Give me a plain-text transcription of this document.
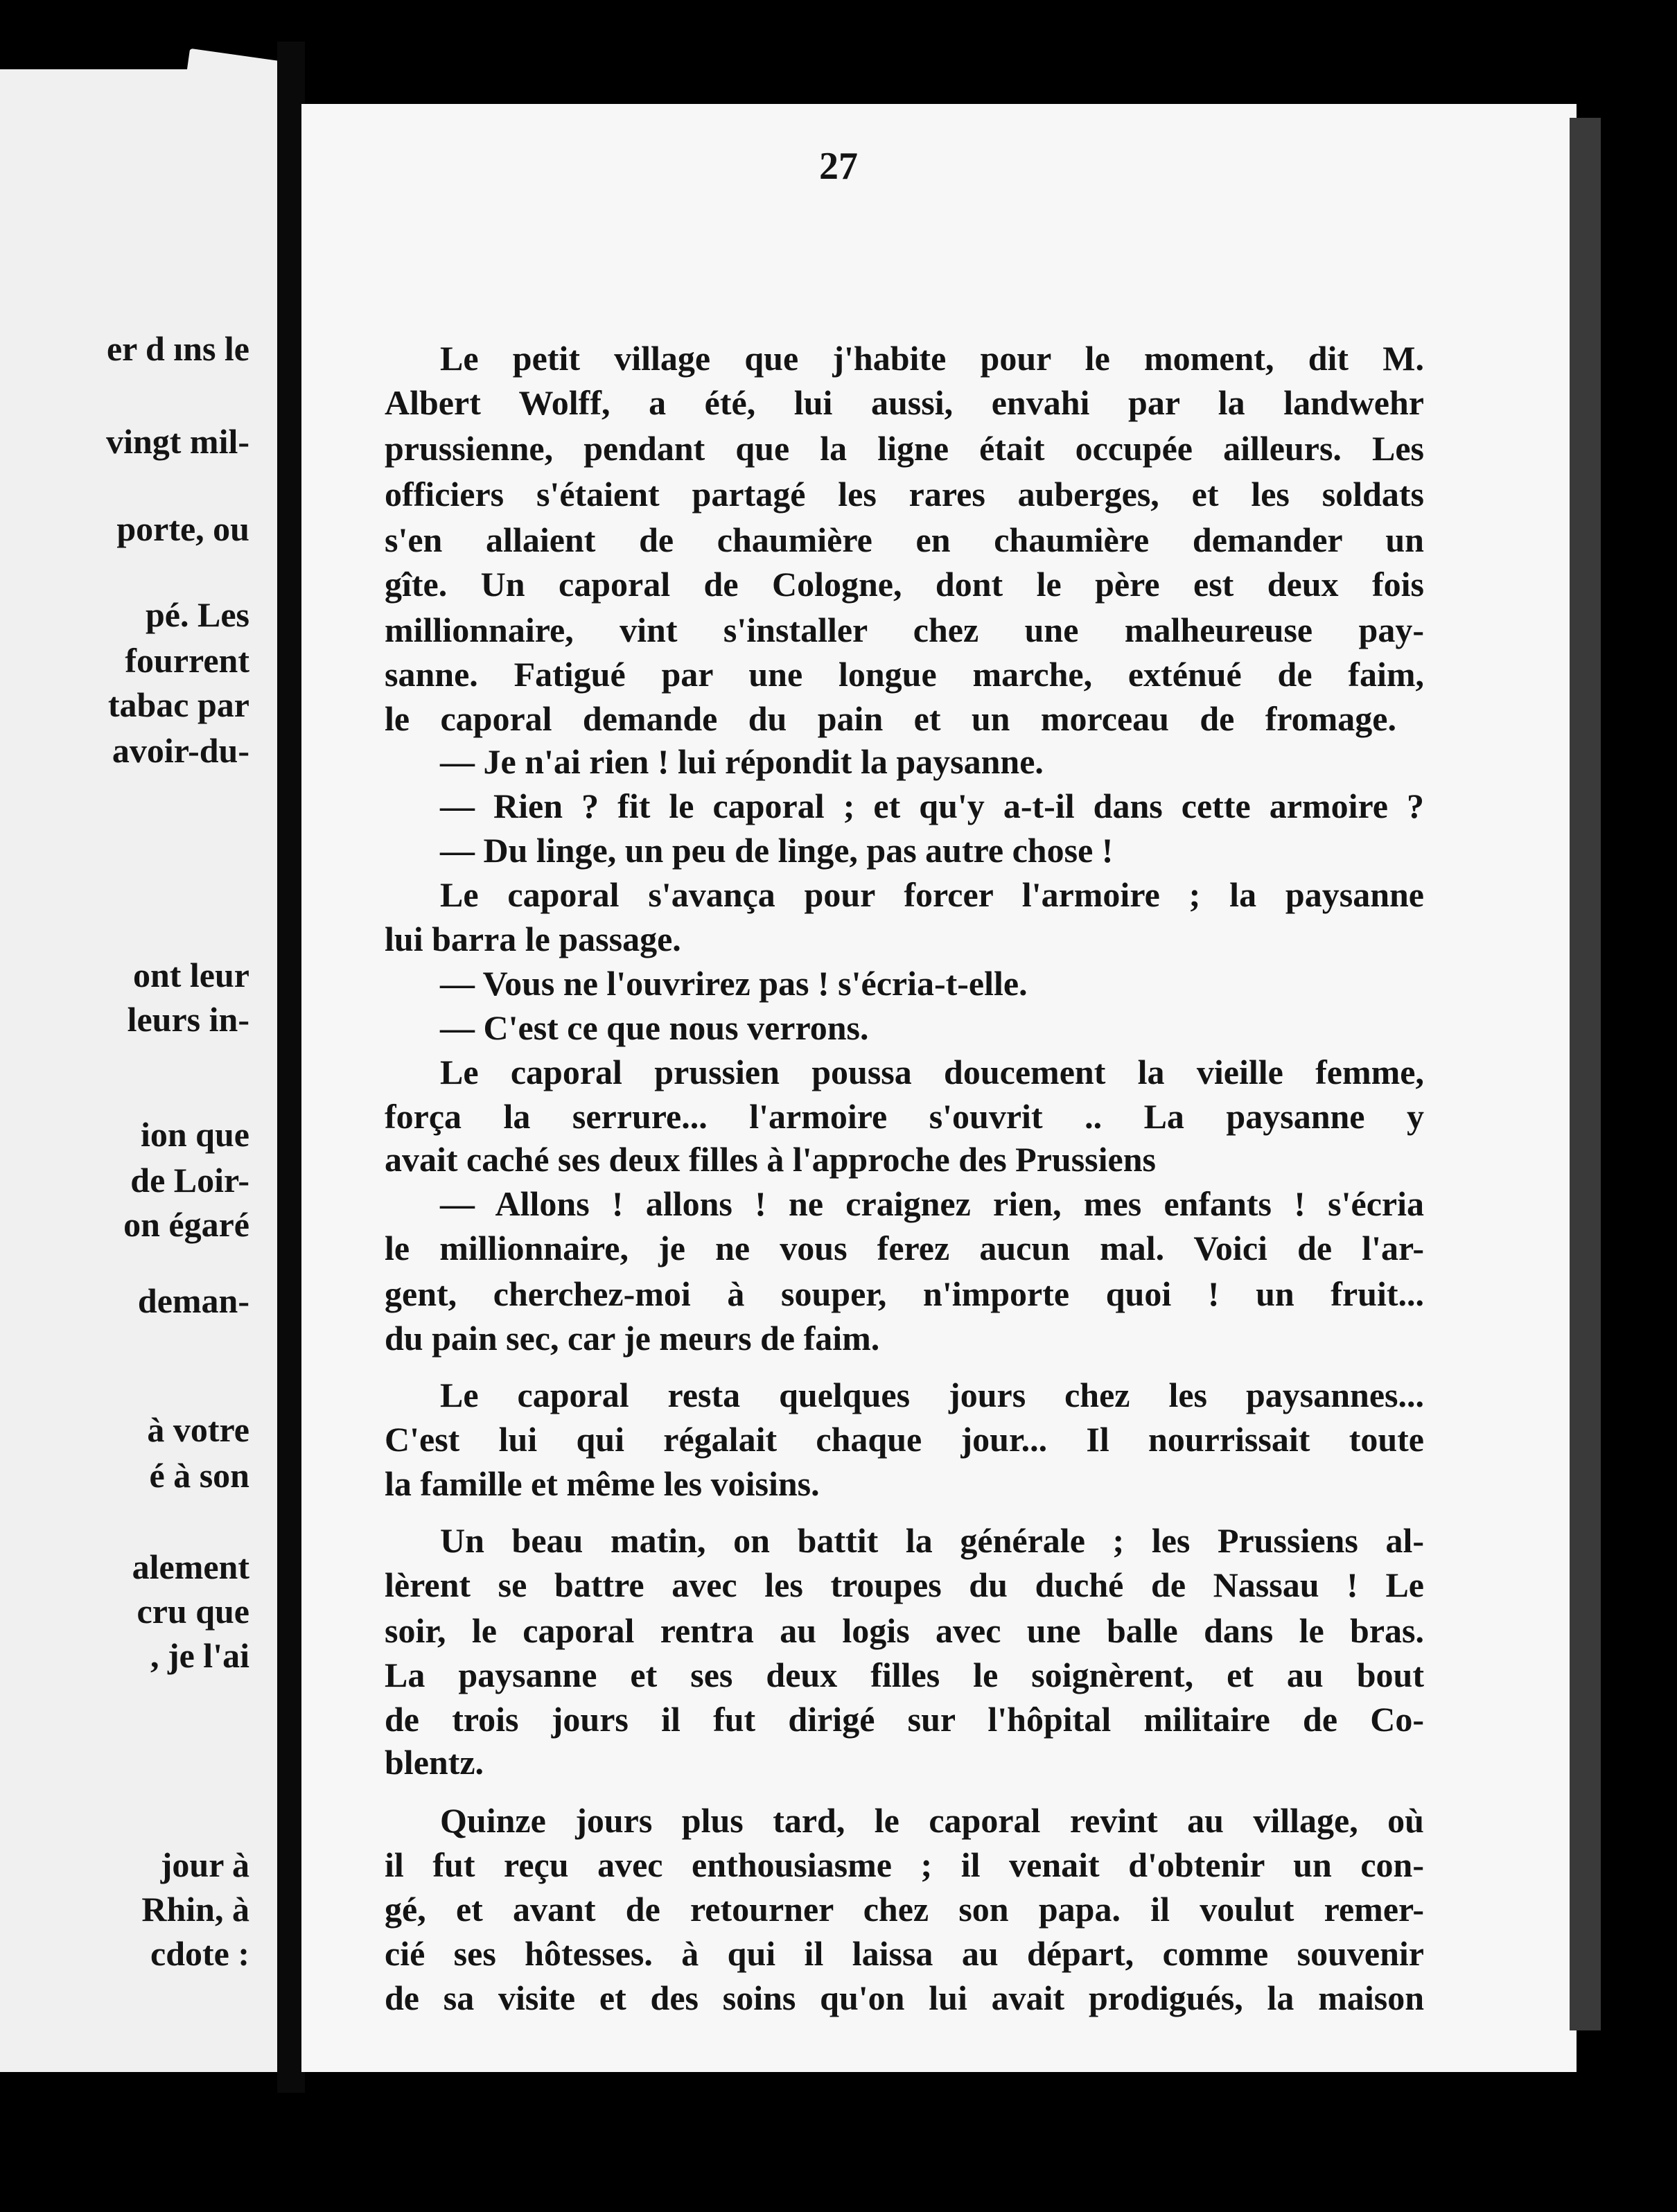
er d ıns le
vingt mil-
porte, ou
pé. Les
fourrent
tabac par
avoir-du-
ont leur
leurs in-
ion que
de Loir-
on égaré
deman-
à votre
é à son
alement
cru que
, je l'ai
jour à
Rhin, à
cdote :
27
Le petit village que j'habite pour le moment, dit M.
Albert Wolff, a été, lui aussi, envahi par la landwehr
prussienne, pendant que la ligne était occupée ailleurs. Les
officiers s'étaient partagé les rares auberges, et les soldats
s'en allaient de chaumière en chaumière demander un
gîte. Un caporal de Cologne, dont le père est deux fois
millionnaire, vint s'installer chez une malheureuse pay-
sanne. Fatigué par une longue marche, exténué de faim,
le caporal demande du pain et un morceau de fromage.
— Je n'ai rien ! lui répondit la paysanne.
— Rien ? fit le caporal ; et qu'y a-t-il dans cette armoire ?
— Du linge, un peu de linge, pas autre chose !
Le caporal s'avança pour forcer l'armoire ; la paysanne
lui barra le passage.
— Vous ne l'ouvrirez pas ! s'écria-t-elle.
— C'est ce que nous verrons.
Le caporal prussien poussa doucement la vieille femme,
força la serrure... l'armoire s'ouvrit .. La paysanne y
avait caché ses deux filles à l'approche des Prussiens
— Allons ! allons ! ne craignez rien, mes enfants ! s'écria
le millionnaire, je ne vous ferez aucun mal. Voici de l'ar-
gent, cherchez-moi à souper, n'importe quoi ! un fruit...
du pain sec, car je meurs de faim.
Le caporal resta quelques jours chez les paysannes...
C'est lui qui régalait chaque jour... Il nourrissait toute
la famille et même les voisins.
Un beau matin, on battit la générale ; les Prussiens al-
lèrent se battre avec les troupes du duché de Nassau ! Le
soir, le caporal rentra au logis avec une balle dans le bras.
La paysanne et ses deux filles le soignèrent, et au bout
de trois jours il fut dirigé sur l'hôpital militaire de Co-
blentz.
Quinze jours plus tard, le caporal revint au village, où
il fut reçu avec enthousiasme ; il venait d'obtenir un con-
gé, et avant de retourner chez son papa. il voulut remer-
cié ses hôtesses. à qui il laissa au départ, comme souvenir
de sa visite et des soins qu'on lui avait prodigués, la maison
